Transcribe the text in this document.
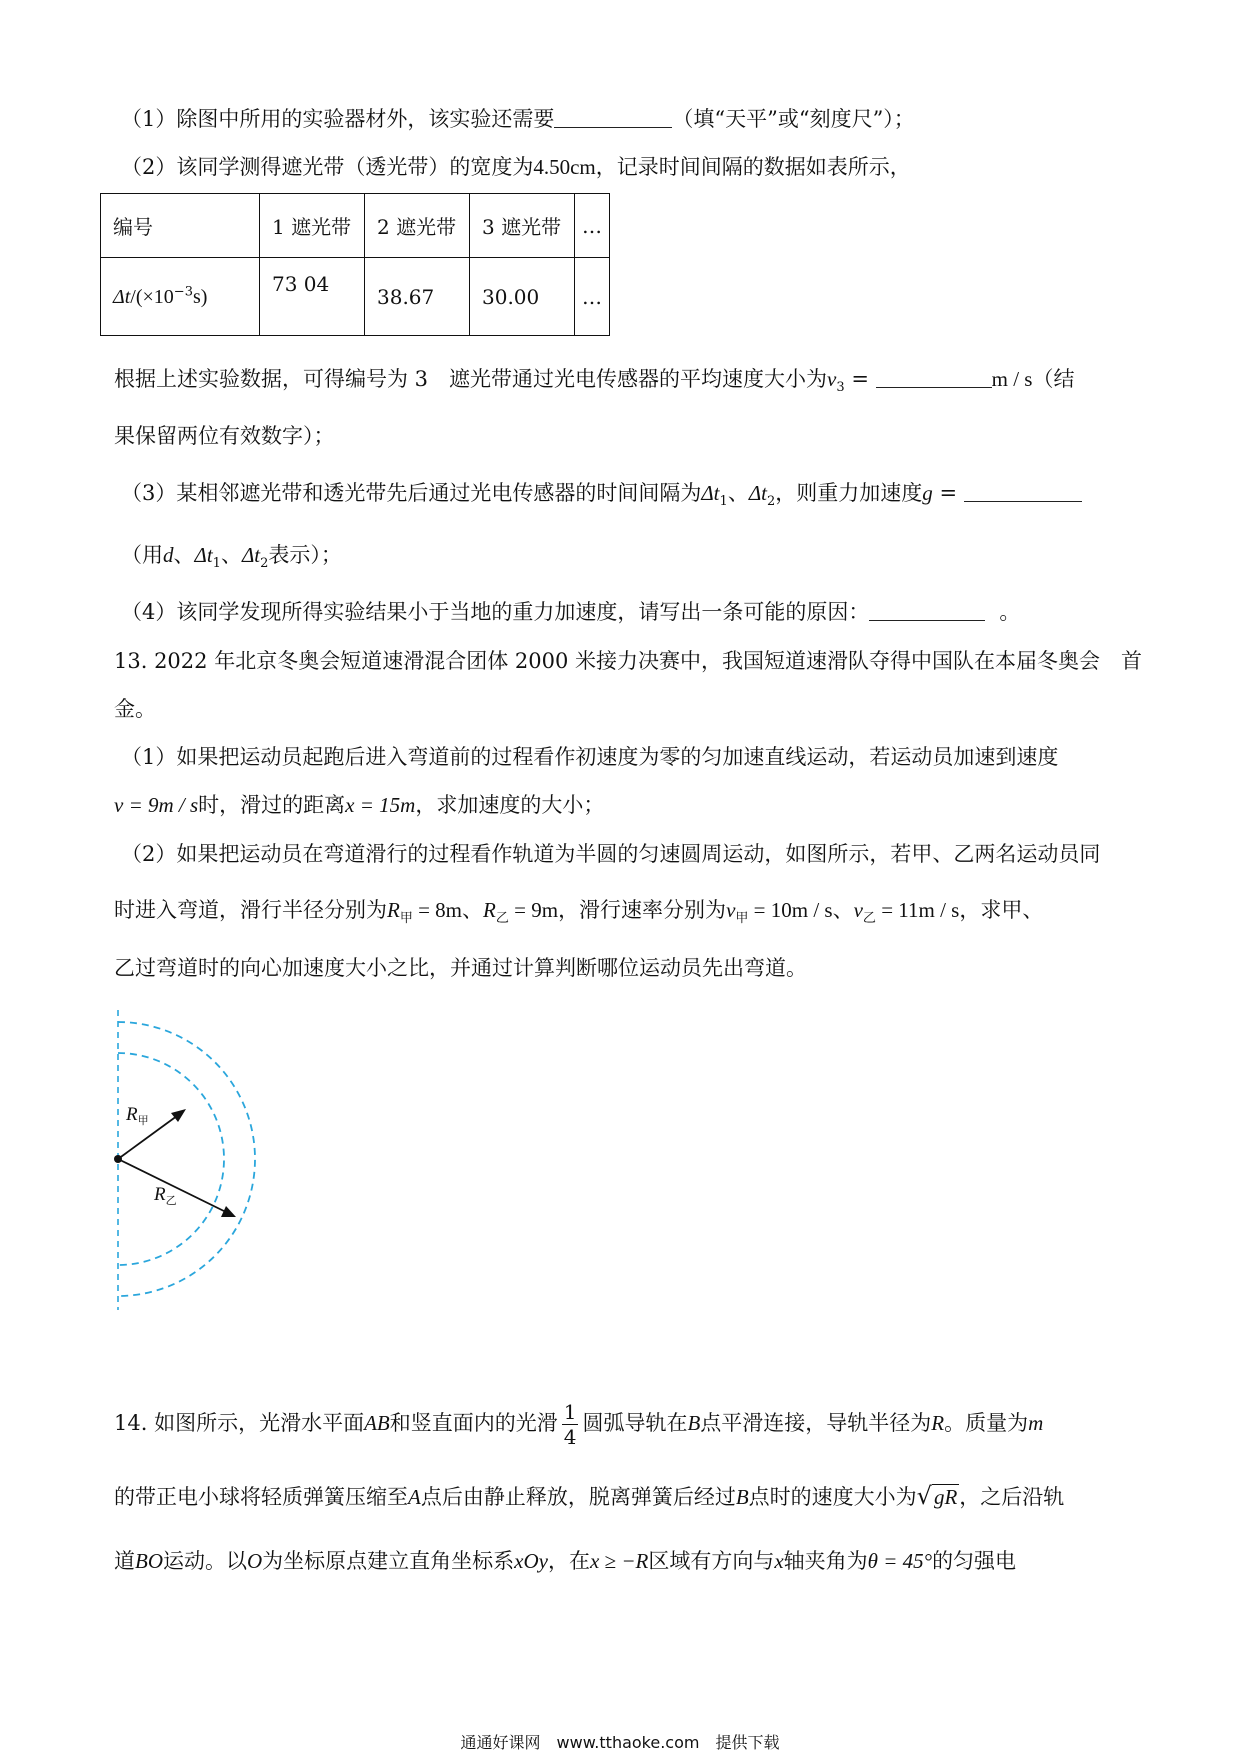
（1）除图中所用的实验器材外，该实验还需要	（填“天平”或“刻度尺”）；
（2）该同学测得遮光带（透光带）的宽度为4.50cm，记录时间间隔的数据如表所示，
编号	1 遮光带	2 遮光带	3 遮光带	…
$\Delta t/(\times 10^{-3}s)$	73 04	38.67	30.00	…
根据上述实验数据，可得编号为 3　遮光带通过光电传感器的平均速度大小为$v_3$ =	m / s（结
果保留两位有效数字）；
（3）某相邻遮光带和透光带先后通过光电传感器的时间间隔为$\Delta t_1$、$\Delta t_2$，则重力加速度g =
（用d、$\Delta t_1$、$\Delta t_2$表示）；
（4）该同学发现所得实验结果小于当地的重力加速度，请写出一条可能的原因：	。
13. 2022 年北京冬奥会短道速滑混合团体 2000 米接力决赛中，我国短道速滑队夺得中国队在本届冬奥会　首
金。
（1）如果把运动员起跑后进入弯道前的过程看作初速度为零的匀加速直线运动，若运动员加速到速度
v = 9m / s时，滑过的距离x = 15m，求加速度的大小；
（2）如果把运动员在弯道滑行的过程看作轨道为半圆的匀速圆周运动，如图所示，若甲、乙两名运动员同
时进入弯道，滑行半径分别为$R_甲 = 8m$、$R_乙 = 9m$，滑行速率分别为$v_甲 = 10m / s$、$v_乙 = 11m / s$，求甲、
乙过弯道时的向心加速度大小之比，并通过计算判断哪位运动员先出弯道。
$R_甲$
$R_乙$
14. 如图所示，光滑水平面AB和竖直面内的光滑 $\frac{1}{4}$ 圆弧导轨在B点平滑连接，导轨半径为R。质量为m
的带正电小球将轻质弹簧压缩至A点后由静止释放，脱离弹簧后经过B点时的速度大小为√gR，之后沿轨
道BO运动。以O为坐标原点建立直角坐标系xOy，在x ≥ −R区域有方向与x轴夹角为θ = 45°的匀强电
通通好课网　www.tthaoke.com　提供下载
